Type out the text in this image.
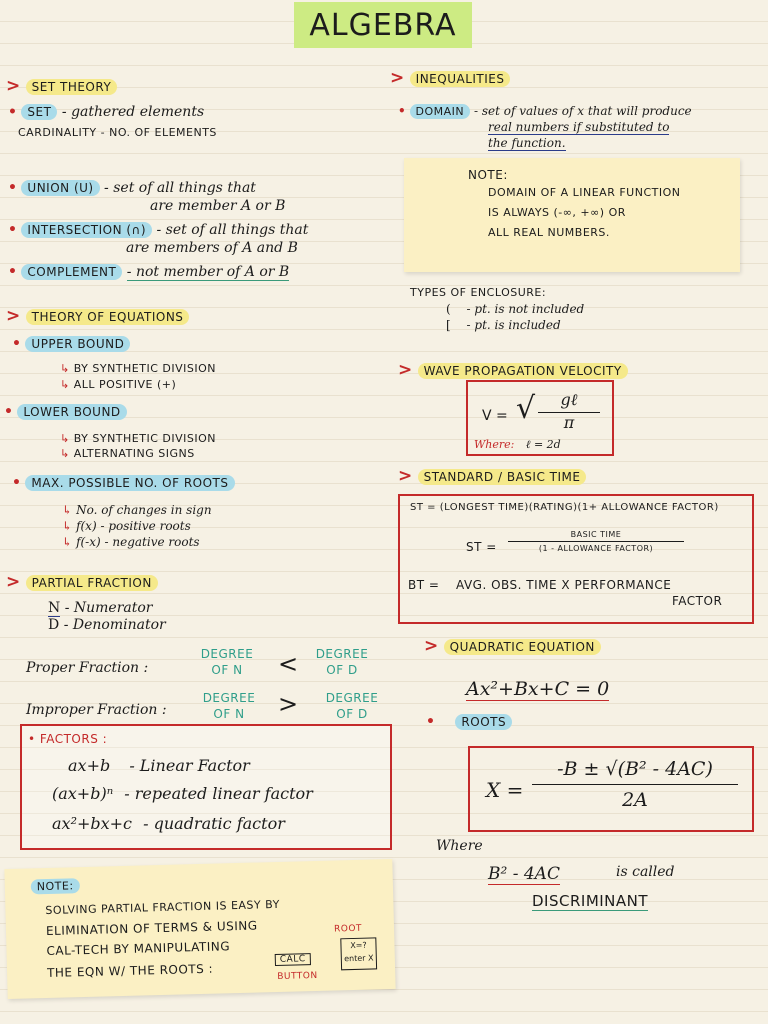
ALGEBRA
> SET THEORY
• SET - gathered elements
CARDINALITY - NO. OF ELEMENTS
• UNION (U) - set of all things that
are member A or B
• INTERSECTION (∩) - set of all things that
are members of A and B
• COMPLEMENT - not member of A or B
> THEORY OF EQUATIONS
• UPPER BOUND
↳ BY SYNTHETIC DIVISION
↳ ALL POSITIVE (+)
• LOWER BOUND
↳ BY SYNTHETIC DIVISION
↳ ALTERNATING SIGNS
• MAX. POSSIBLE NO. OF ROOTS
↳ No. of changes in sign
↳ f(x) - positive roots
↳ f(-x) - negative roots
> PARTIAL FRACTION
N - Numerator
D - Denominator
Proper Fraction :
DEGREE OF N	<	DEGREE OF D
Improper Fraction :
DEGREE OF N	>	DEGREE OF D
• FACTORS :
ax+b - Linear Factor
(ax+b)ⁿ - repeated linear factor
ax²+bx+c - quadratic factor
NOTE:
SOLVING PARTIAL FRACTION IS EASY BY
ELIMINATION OF TERMS & USING
CAL-TECH BY MANIPULATING
THE EQN W/ THE ROOTS :
CALC
BUTTON
ROOT
X=?
enter X
> INEQUALITIES
• DOMAIN - set of values of x that will produce
real numbers if substituted to
the function.
NOTE:
DOMAIN OF A LINEAR FUNCTION
IS ALWAYS (-∞, +∞) OR
ALL REAL NUMBERS.
TYPES OF ENCLOSURE:
( - pt. is not included
[ - pt. is included
> WAVE PROPAGATION VELOCITY
V = √	gℓ
π
Where: ℓ = 2d
> STANDARD / BASIC TIME
ST = (LONGEST TIME)(RATING)(1+ ALLOWANCE FACTOR)
ST =
BASIC TIME
(1 - ALLOWANCE FACTOR)
BT = AVG. OBS. TIME X PERFORMANCE
FACTOR
> QUADRATIC EQUATION
Ax²+Bx+C = 0
• ROOTS
X =
-B ± √(B² - 4AC)
2A
Where
B² - 4AC	is called
DISCRIMINANT
